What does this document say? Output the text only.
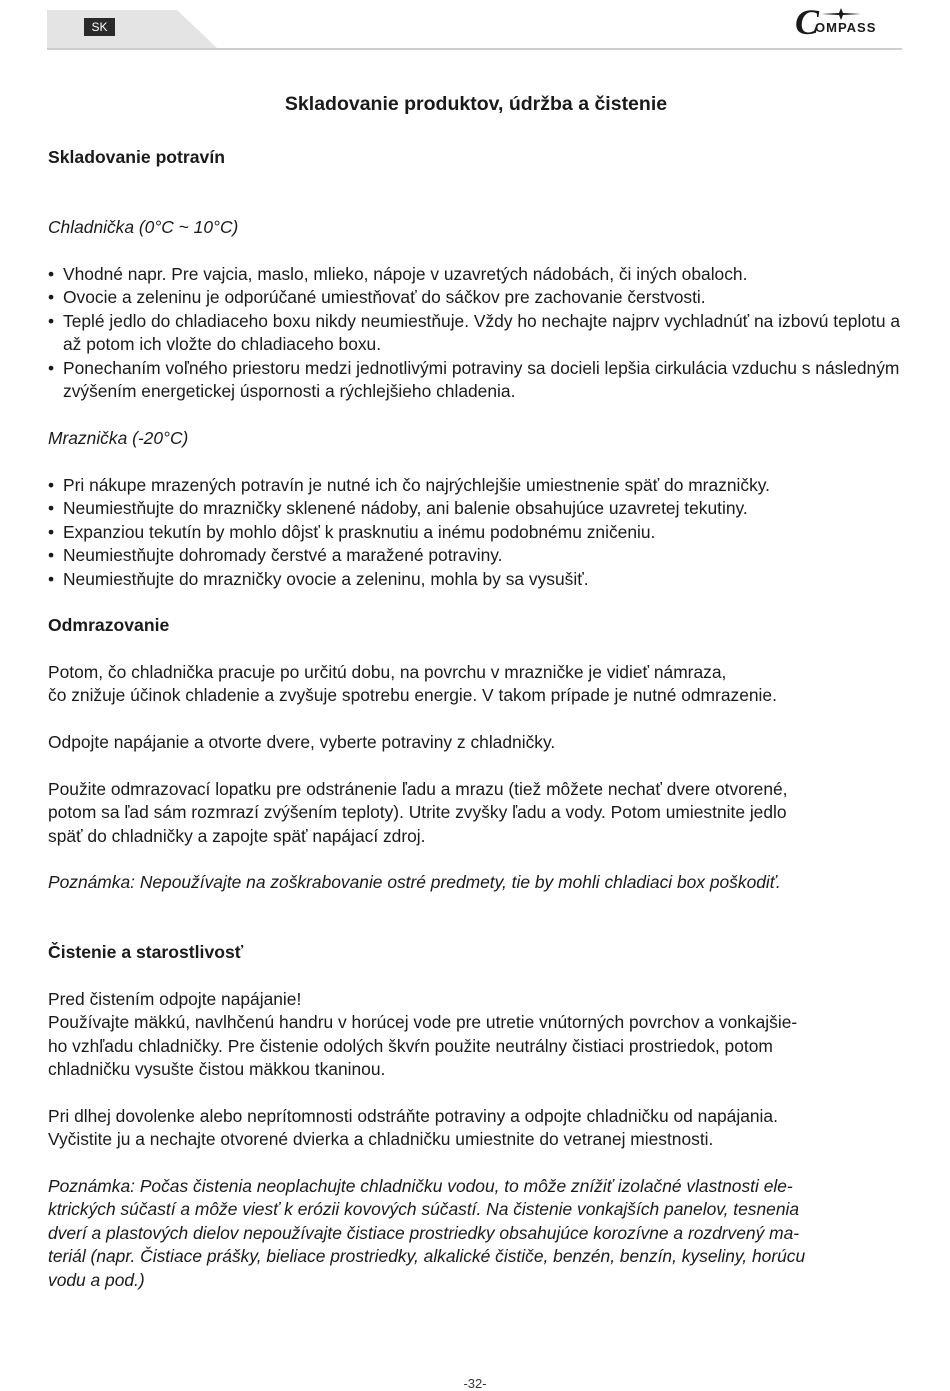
SK	C
OMPASS
Skladovanie produktov, údržba a čistenie
Skladovanie potravín
Chladnička (0°C ~ 10°C)
• Vhodné napr. Pre vajcia, maslo, mlieko, nápoje v uzavretých nádobách, či iných obaloch.
• Ovocie a zeleninu je odporúčané umiestňovať do sáčkov pre zachovanie čerstvosti.
• Teplé jedlo do chladiaceho boxu nikdy neumiestňuje. Vždy ho nechajte najprv vychladnúť na izbovú teplotu a až potom ich vložte do chladiaceho boxu.
• Ponechaním voľného priestoru medzi jednotlivými potraviny sa docieli lepšia cirkulácia vzduchu s následným zvýšením energetickej úspornosti a rýchlejšieho chladenia.
Mraznička (-20°C)
• Pri nákupe mrazených potravín je nutné ich čo najrýchlejšie umiestnenie späť do mrazničky.
• Neumiestňujte do mrazničky sklenené nádoby, ani balenie obsahujúce uzavretej tekutiny.
• Expanziou tekutín by mohlo dôjsť k prasknutiu a inému podobnému zničeniu.
• Neumiestňujte dohromady čerstvé a maražené potraviny.
• Neumiestňujte do mrazničky ovocie a zeleninu, mohla by sa vysušiť.
Odmrazovanie
Potom, čo chladnička pracuje po určitú dobu, na povrchu v mrazničke je vidieť námraza,
čo znižuje účinok chladenie a zvyšuje spotrebu energie. V takom prípade je nutné odmrazenie.
Odpojte napájanie a otvorte dvere, vyberte potraviny z chladničky.
Použite odmrazovací lopatku pre odstránenie ľadu a mrazu (tiež môžete nechať dvere otvorené,
potom sa ľad sám rozmrazí zvýšením teploty). Utrite zvyšky ľadu a vody. Potom umiestnite jedlo
späť do chladničky a zapojte späť napájací zdroj.
Poznámka: Nepoužívajte na zoškrabovanie ostré predmety, tie by mohli chladiaci box poškodiť.
Čistenie a starostlivosť
Pred čistením odpojte napájanie!
Používajte mäkkú, navlhčenú handru v horúcej vode pre utretie vnútorných povrchov a vonkajšie-
ho vzhľadu chladničky. Pre čistenie odolých škvŕn použite neutrálny čistiaci prostriedok, potom
chladničku vysušte čistou mäkkou tkaninou.
Pri dlhej dovolenke alebo neprítomnosti odstráňte potraviny a odpojte chladničku od napájania.
Vyčistite ju a nechajte otvorené dvierka a chladničku umiestnite do vetranej miestnosti.
Poznámka: Počas čistenia neoplachujte chladničku vodou, to môže znížiť izolačné vlastnosti ele-
ktrických súčastí a môže viesť k erózii kovových súčastí. Na čistenie vonkajších panelov, tesnenia
dverí a plastových dielov nepoužívajte čistiace prostriedky obsahujúce korozívne a rozdrvený ma-
teriál (napr. Čistiace prášky, bieliace prostriedky, alkalické čističe, benzén, benzín, kyseliny, horúcu
vodu a pod.)
-32-
